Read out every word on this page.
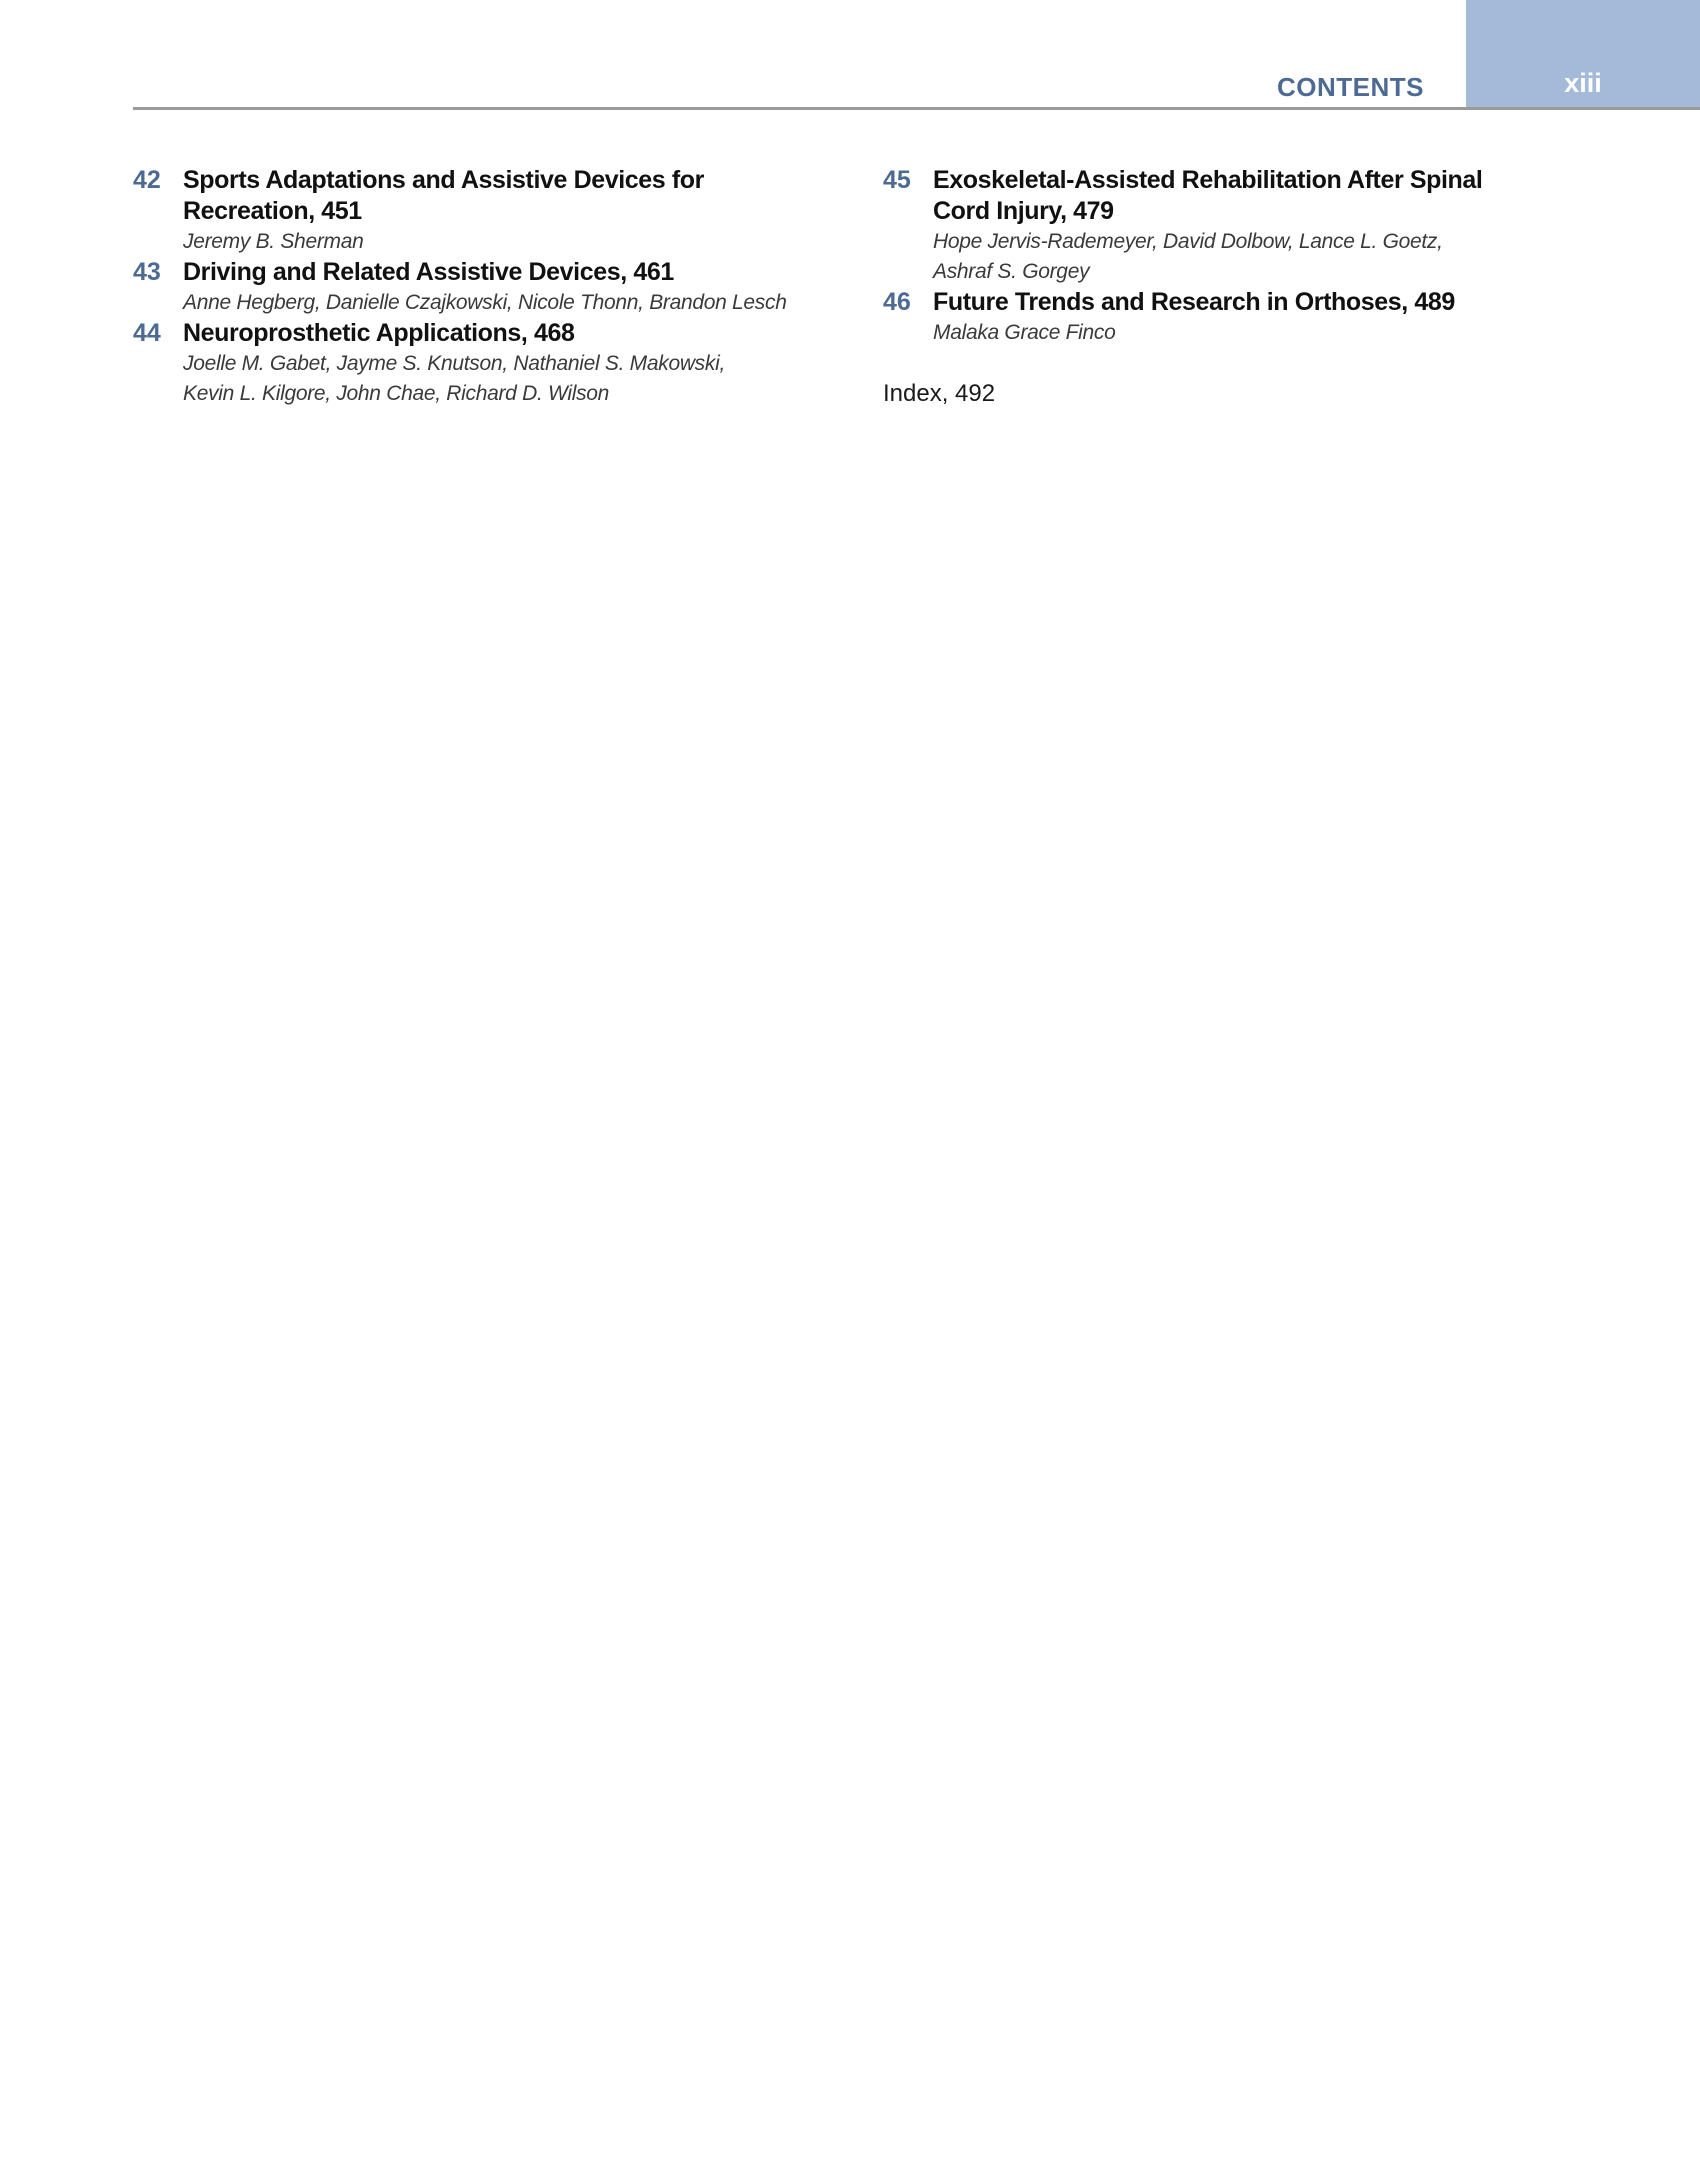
xiii
CONTENTS
42 Sports Adaptations and Assistive Devices for
Recreation, 451
Jeremy B. Sherman
43 Driving and Related Assistive Devices, 461
Anne Hegberg, Danielle Czajkowski, Nicole Thonn, Brandon Lesch
44 Neuroprosthetic Applications, 468
Joelle M. Gabet, Jayme S. Knutson, Nathaniel S. Makowski,
Kevin L. Kilgore, John Chae, Richard D. Wilson
45 Exoskeletal-Assisted Rehabilitation After Spinal
Cord Injury, 479
Hope Jervis-Rademeyer, David Dolbow, Lance L. Goetz,
Ashraf S. Gorgey
46 Future Trends and Research in Orthoses, 489
Malaka Grace Finco
Index, 492
